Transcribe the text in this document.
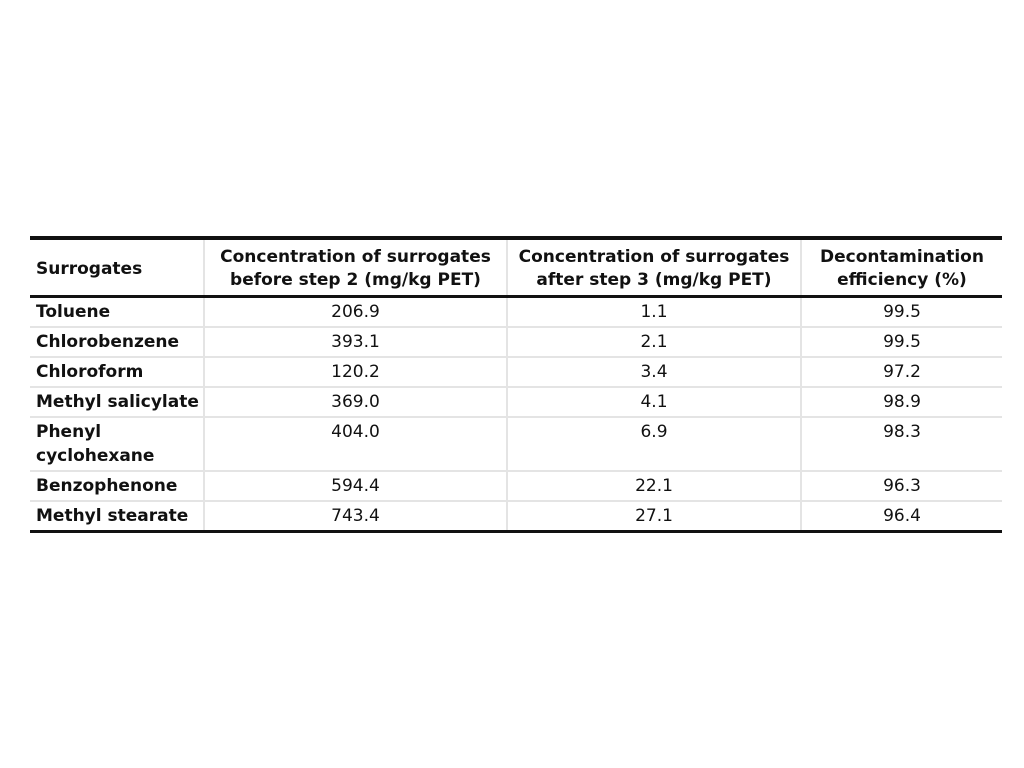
Surrogates	Concentration of surrogates before step 2 (mg/kg PET)	Concentration of surrogates after step 3 (mg/kg PET)	Decontamination efficiency (%)
Toluene	206.9	1.1	99.5
Chlorobenzene	393.1	2.1	99.5
Chloroform	120.2	3.4	97.2
Methyl salicylate	369.0	4.1	98.9
Phenyl cyclohexane	404.0	6.9	98.3
Benzophenone	594.4	22.1	96.3
Methyl stearate	743.4	27.1	96.4
